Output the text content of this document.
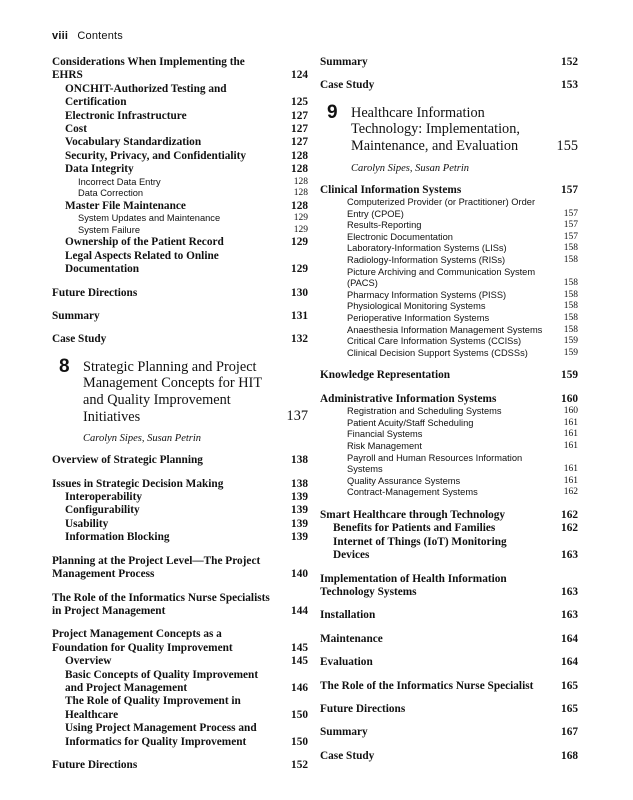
viii Contents
Considerations When Implementing the EHRS	124
ONCHIT-Authorized Testing and Certification	125
Electronic Infrastructure	127
Cost	127
Vocabulary Standardization	127
Security, Privacy, and Confidentiality	128
Data Integrity	128
Incorrect Data Entry	128
Data Correction	128
Master File Maintenance	128
System Updates and Maintenance	129
System Failure	129
Ownership of the Patient Record	129
Legal Aspects Related to Online Documentation	129
Future Directions	130
Summary	131
Case Study	132
8 Strategic Planning and Project Management Concepts for HIT and Quality Improvement Initiatives	137
Carolyn Sipes, Susan Petrin
Overview of Strategic Planning	138
Issues in Strategic Decision Making	138
Interoperability	139
Configurability	139
Usability	139
Information Blocking	139
Planning at the Project Level—The Project Management Process	140
The Role of the Informatics Nurse Specialists in Project Management	144
Project Management Concepts as a Foundation for Quality Improvement	145
Overview	145
Basic Concepts of Quality Improvement and Project Management	146
The Role of Quality Improvement in Healthcare	150
Using Project Management Process and Informatics for Quality Improvement	150
Future Directions	152
Summary	152
Case Study	153
9 Healthcare Information Technology: Implementation, Maintenance, and Evaluation	155
Carolyn Sipes, Susan Petrin
Clinical Information Systems	157
Computerized Provider (or Practitioner) Order Entry (CPOE)	157
Results-Reporting	157
Electronic Documentation	157
Laboratory-Information Systems (LISs)	158
Radiology-Information Systems (RISs)	158
Picture Archiving and Communication System (PACS)	158
Pharmacy Information Systems (PISS)	158
Physiological Monitoring Systems	158
Perioperative Information Systems	158
Anaesthesia Information Management Systems	158
Critical Care Information Systems (CCISs)	159
Clinical Decision Support Systems (CDSSs)	159
Knowledge Representation	159
Administrative Information Systems	160
Registration and Scheduling Systems	160
Patient Acuity/Staff Scheduling	161
Financial Systems	161
Risk Management	161
Payroll and Human Resources Information Systems	161
Quality Assurance Systems	161
Contract-Management Systems	162
Smart Healthcare through Technology	162
Benefits for Patients and Families	162
Internet of Things (IoT) Monitoring Devices	163
Implementation of Health Information Technology Systems	163
Installation	163
Maintenance	164
Evaluation	164
The Role of the Informatics Nurse Specialist	165
Future Directions	165
Summary	167
Case Study	168
